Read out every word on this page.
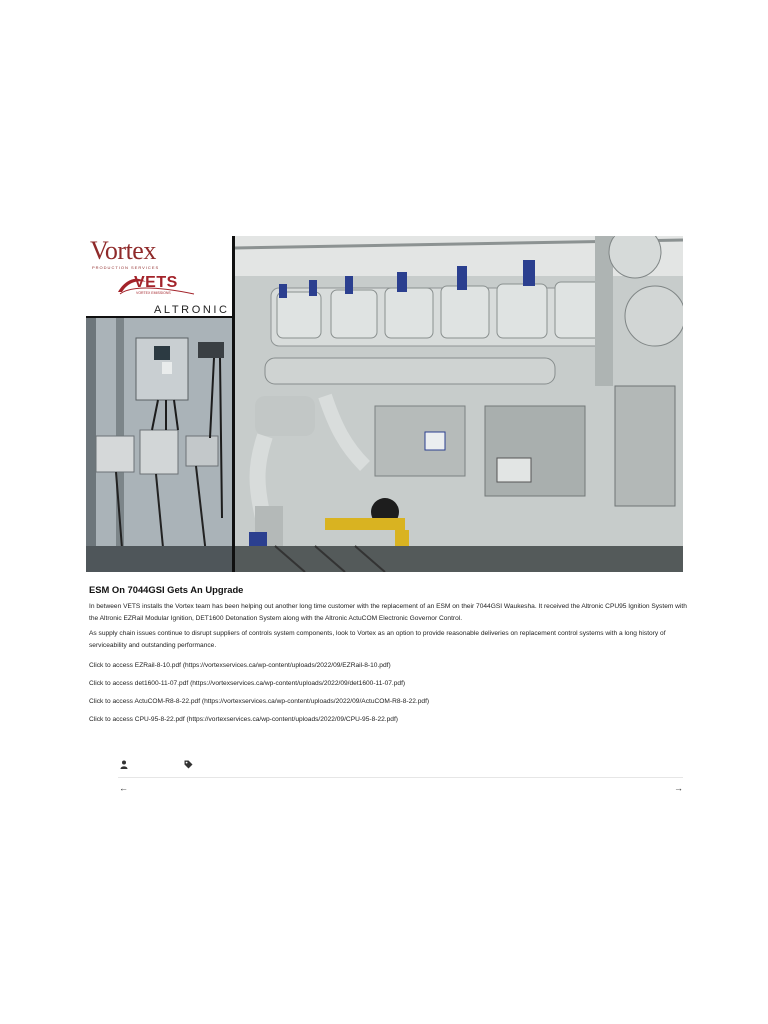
Vortex
PRODUCTION SERVICES
VETS
VORTEX EMISSIONS
ALTRONIC
ESM On 7044GSI Gets An Upgrade

In between VETS installs the Vortex team has been helping out another long time customer with the replacement of an ESM on their 7044GSI Waukesha. It received the Altronic CPU95 Ignition System with the Altronic EZRail Modular Ignition, DET1600 Detonation System along with the Altronic ActuCOM Electronic Governor Control.

As supply chain issues continue to disrupt suppliers of controls system components, look to Vortex as an option to provide reasonable deliveries on replacement control systems with a long history of serviceability and outstanding performance.

Click to access EZRail-8-10.pdf (https://vortexservices.ca/wp-content/uploads/2022/09/EZRail-8-10.pdf)
Click to access det1600-11-07.pdf (https://vortexservices.ca/wp-content/uploads/2022/09/det1600-11-07.pdf)
Click to access ActuCOM-R8-8-22.pdf (https://vortexservices.ca/wp-content/uploads/2022/09/ActuCOM-R8-8-22.pdf)
Click to access CPU-95-8-22.pdf (https://vortexservices.ca/wp-content/uploads/2022/09/CPU-95-8-22.pdf)
←	→
